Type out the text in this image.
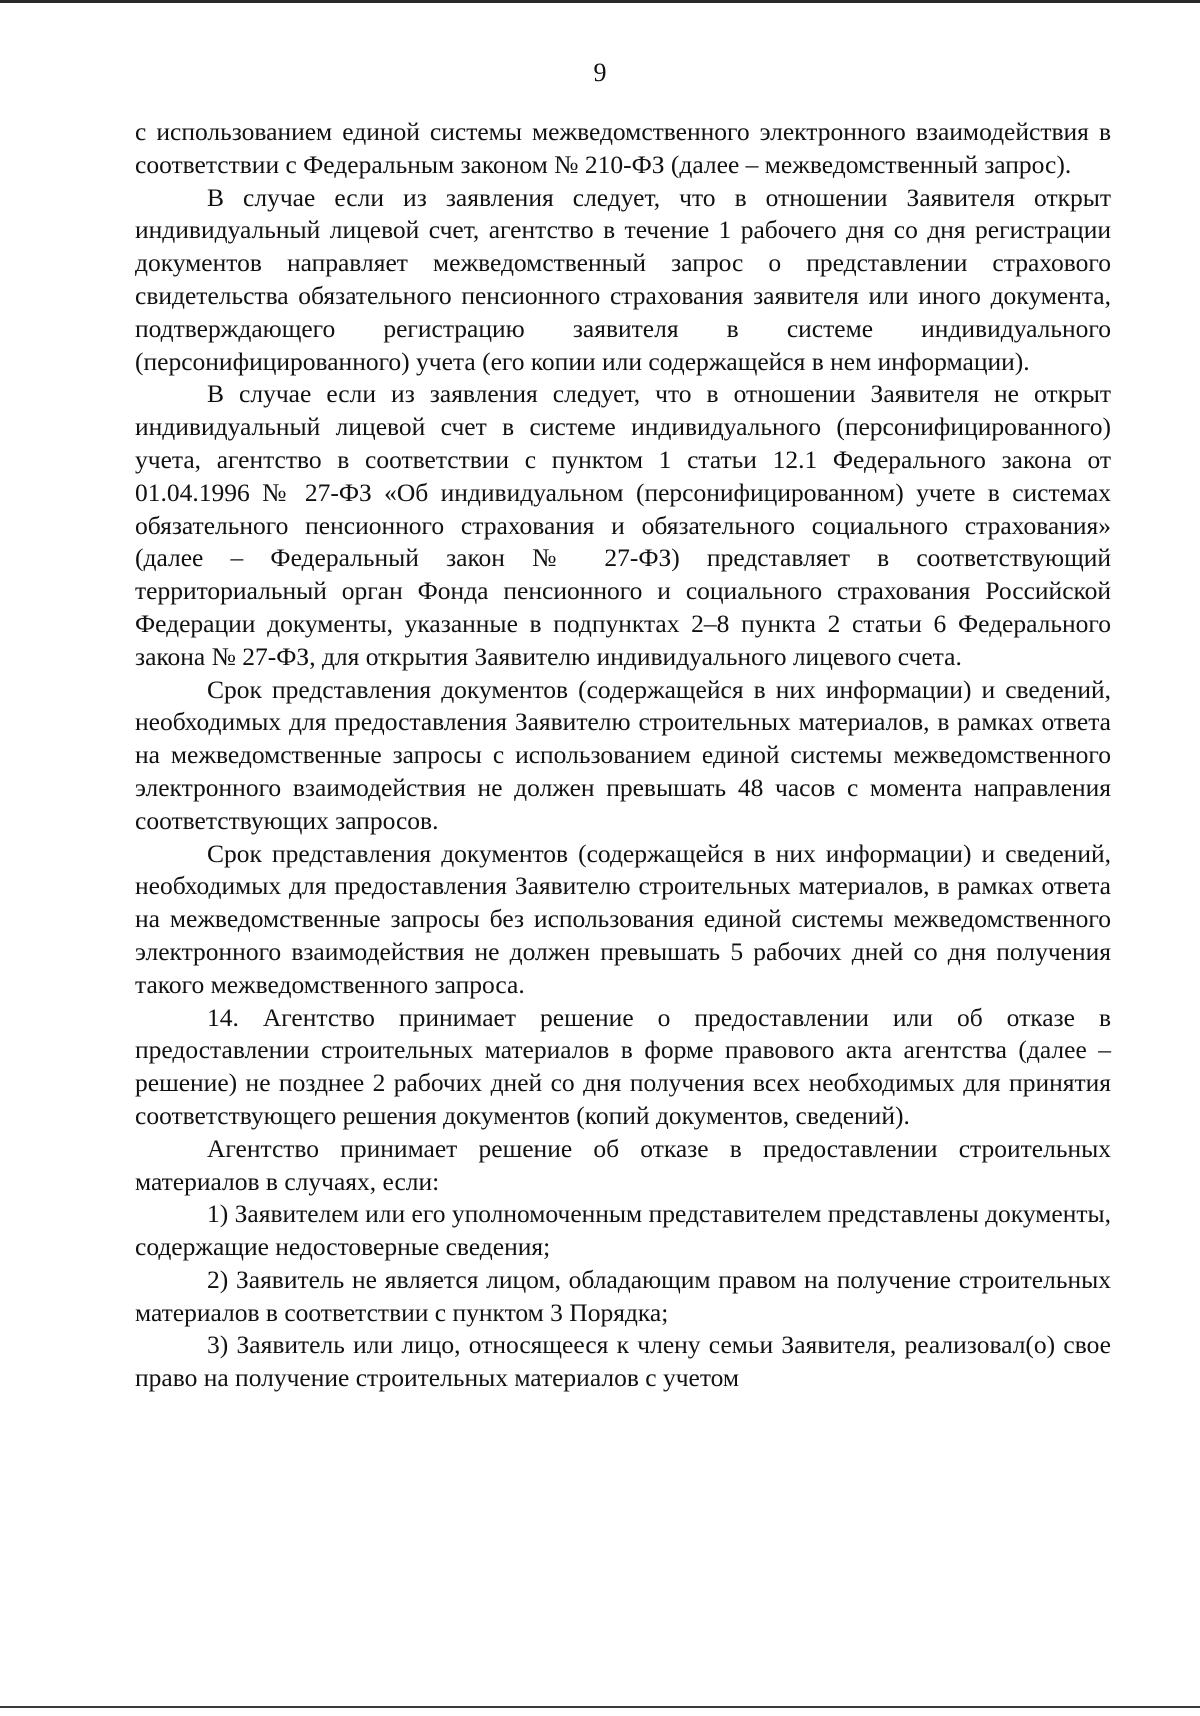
9

с использованием единой системы межведомственного электронного взаимодействия в соответствии с Федеральным законом № 210-ФЗ (далее – межведомственный запрос).

В случае если из заявления следует, что в отношении Заявителя открыт индивидуальный лицевой счет, агентство в течение 1 рабочего дня со дня регистрации документов направляет межведомственный запрос о представлении страхового свидетельства обязательного пенсионного страхования заявителя или иного документа, подтверждающего регистрацию заявителя в системе индивидуального (персонифицированного) учета (его копии или содержащейся в нем информации).

В случае если из заявления следует, что в отношении Заявителя не открыт индивидуальный лицевой счет в системе индивидуального (персонифицированного) учета, агентство в соответствии с пунктом 1 статьи 12.1 Федерального закона от 01.04.1996 № 27-ФЗ «Об индивидуальном (персонифицированном) учете в системах обязательного пенсионного страхования и обязательного социального страхования» (далее – Федеральный закон № 27-ФЗ) представляет в соответствующий территориальный орган Фонда пенсионного и социального страхования Российской Федерации документы, указанные в подпунктах 2–8 пункта 2 статьи 6 Федерального закона № 27-ФЗ, для открытия Заявителю индивидуального лицевого счета.

Срок представления документов (содержащейся в них информации) и сведений, необходимых для предоставления Заявителю строительных материалов, в рамках ответа на межведомственные запросы с использованием единой системы межведомственного электронного взаимодействия не должен превышать 48 часов с момента направления соответствующих запросов.

Срок представления документов (содержащейся в них информации) и сведений, необходимых для предоставления Заявителю строительных материалов, в рамках ответа на межведомственные запросы без использования единой системы межведомственного электронного взаимодействия не должен превышать 5 рабочих дней со дня получения такого межведомственного запроса.

14. Агентство принимает решение о предоставлении или об отказе в предоставлении строительных материалов в форме правового акта агентства (далее – решение) не позднее 2 рабочих дней со дня получения всех необходимых для принятия соответствующего решения документов (копий документов, сведений).

Агентство принимает решение об отказе в предоставлении строительных материалов в случаях, если:

1) Заявителем или его уполномоченным представителем представлены документы, содержащие недостоверные сведения;

2) Заявитель не является лицом, обладающим правом на получение строительных материалов в соответствии с пунктом 3 Порядка;

3) Заявитель или лицо, относящееся к члену семьи Заявителя, реализовал(о) свое право на получение строительных материалов с учетом
